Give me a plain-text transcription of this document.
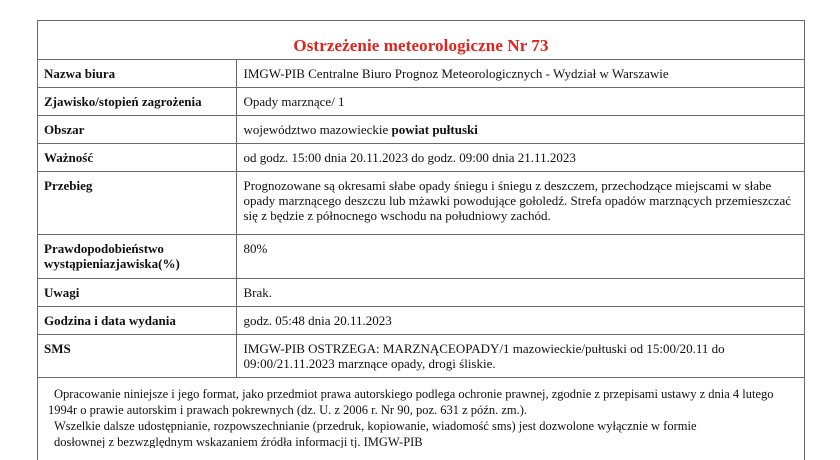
Ostrzeżenie meteorologiczne Nr 73
Nazwa biura	IMGW-PIB Centralne Biuro Prognoz Meteorologicznych - Wydział w Warszawie

Zjawisko/stopień zagrożenia	Opady marznące/ 1

Obszar	województwo mazowieckie powiat pułtuski

Ważność	od godz. 15:00 dnia 20.11.2023 do godz. 09:00 dnia 21.11.2023

Przebieg	Prognozowane są okresami słabe opady śniegu i śniegu z deszczem, przechodzące miejscami w słabe opady marznącego deszczu lub mżawki powodujące gołoledź. Strefa opadów marznących przemieszczać się z będzie z północnego wschodu na południowy zachód.

Prawdopodobieństwo wystąpieniazjawiska(%)	80%

Uwagi	Brak.

Godzina i data wydania	godz. 05:48 dnia 20.11.2023

SMS	IMGW-PIB OSTRZEGA: MARZNĄCEOPADY/1 mazowieckie/pułtuski od 15:00/20.11 do 09:00/21.11.2023 marznące opady, drogi śliskie.

Opracowanie niniejsze i jego format, jako przedmiot prawa autorskiego podlega ochronie prawnej, zgodnie z przepisami ustawy z dnia 4 lutego 1994r o prawie autorskim i prawach pokrewnych (dz. U. z 2006 r. Nr 90, poz. 631 z późn. zm.).

Wszelkie dalsze udostępnianie, rozpowszechnianie (przedruk, kopiowanie, wiadomość sms) jest dozwolone wyłącznie w formie

dosłownej z bezwzględnym wskazaniem źródła informacji tj. IMGW-PIB
